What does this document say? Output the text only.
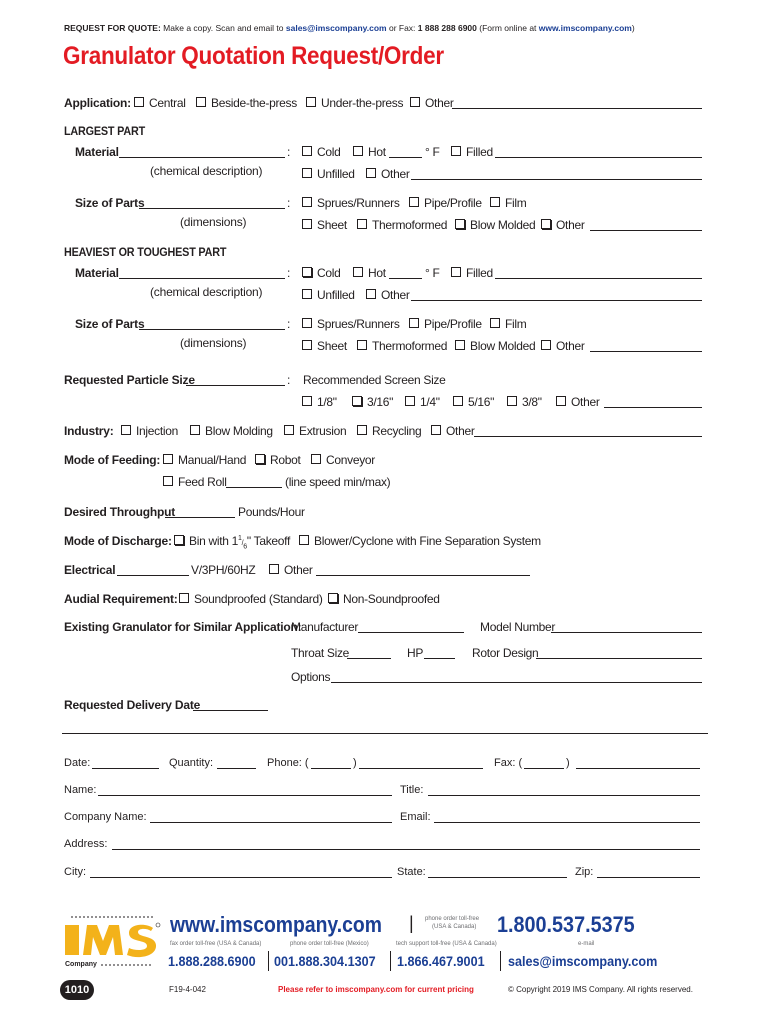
REQUEST FOR QUOTE: Make a copy. Scan and email to sales@imscompany.com or Fax: 1 888 288 6900 (Form online at www.imscompany.com)
Granulator Quotation Request/Order
Application: Central Beside-the-press Under-the-press Other
LARGEST PART
Material	:
(chemical description)
Cold Hot	° F Filled
Unfilled Other
Size of Parts	:
(dimensions)
Sprues/Runners Pipe/Profile Film
Sheet Thermoformed Blow Molded Other
HEAVIEST OR TOUGHEST PART
Material	:
(chemical description)
Cold Hot	° F Filled
Unfilled Other
Size of Parts	:
(dimensions)
Sprues/Runners Pipe/Profile Film
Sheet Thermoformed Blow Molded Other
Requested Particle Size	: Recommended Screen Size
1/8"	3/16" 1/4" 5/16" 3/8" Other
Industry: Injection Blow Molding Extrusion Recycling Other
Mode of Feeding: Manual/Hand Robot Conveyor
Feed Roll	(line speed min/max)
Desired Throughput	Pounds/Hour
Mode of Discharge: Bin with $1^1/_6$" Takeoff Blower/Cyclone with Fine Separation System
Electrical	V/3PH/60HZ Other
Audial Requirement: Soundproofed (Standard) Non-Soundproofed
Existing Granulator for Similar Application:
Manufacturer	Model Number
Throat Size	HP	Rotor Design
Options
Requested Delivery Date
Date:	Quantity:	Phone: (	)	Fax: (	)
Name:	Title:
Company Name:	Email:
Address:
City:	State:	Zip:
Company
www.imscompany.com | phone order toll-free
(USA & Canada) 1.800.537.5375
fax order toll-free (USA & Canada)	phone order toll-free (Mexico)	tech support toll-free (USA & Canada)	e-mail
1.888.288.6900 001.888.304.1307 1.866.467.9001 sales@imscompany.com
1010	F19-4-042	Please refer to imscompany.com for current pricing	© Copyright 2019 IMS Company. All rights reserved.
